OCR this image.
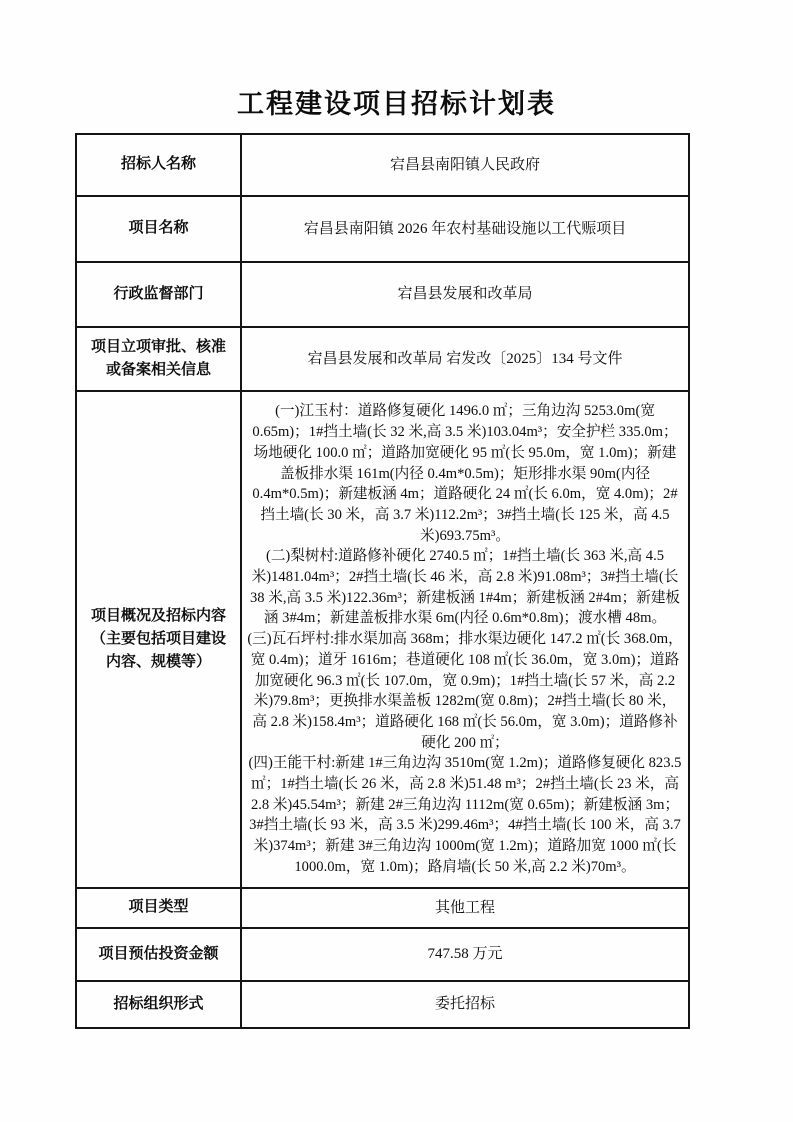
工程建设项目招标计划表
招标人名称	宕昌县南阳镇人民政府
项目名称	宕昌县南阳镇 2026 年农村基础设施以工代赈项目
行政监督部门	宕昌县发展和改革局
项目立项审批、核准或备案相关信息	宕昌县发展和改革局 宕发改〔2025〕134 号文件
项目概况及招标内容（主要包括项目建设内容、规模等）	(一)江玉村：道路修复硬化 1496.0 ㎡；三角边沟 5253.0m(宽 0.65m)；1#挡土墙(长 32 米,高 3.5 米)103.04m³；安全护栏 335.0m；场地硬化 100.0 ㎡；道路加宽硬化 95 ㎡(长 95.0m，宽 1.0m)；新建盖板排水渠 161m(内径 0.4m*0.5m)；矩形排水渠 90m(内径 0.4m*0.5m)；新建板涵 4m；道路硬化 24 ㎡(长 6.0m，宽 4.0m)；2#挡土墙(长 30 米，高 3.7 米)112.2m³；3#挡土墙(长 125 米，高 4.5 米)693.75m³。

(二)梨树村:道路修补硬化 2740.5 ㎡；1#挡土墙(长 363 米,高 4.5 米)1481.04m³；2#挡土墙(长 46 米，高 2.8 米)91.08m³；3#挡土墙(长 38 米,高 3.5 米)122.36m³；新建板涵 1#4m；新建板涵 2#4m；新建板涵 3#4m；新建盖板排水渠 6m(内径 0.6m*0.8m)；渡水槽 48m。

(三)瓦石坪村:排水渠加高 368m；排水渠边硬化 147.2 ㎡(长 368.0m，宽 0.4m)；道牙 1616m；巷道硬化 108 ㎡(长 36.0m，宽 3.0m)；道路加宽硬化 96.3 ㎡(长 107.0m，宽 0.9m)；1#挡土墙(长 57 米，高 2.2 米)79.8m³；更换排水渠盖板 1282m(宽 0.8m)；2#挡土墙(长 80 米，高 2.8 米)158.4m³；道路硬化 168 ㎡(长 56.0m，宽 3.0m)；道路修补硬化 200 ㎡；

(四)王能干村:新建 1#三角边沟 3510m(宽 1.2m)；道路修复硬化 823.5 ㎡；1#挡土墙(长 26 米，高 2.8 米)51.48 m³；2#挡土墙(长 23 米，高 2.8 米)45.54m³；新建 2#三角边沟 1112m(宽 0.65m)；新建板涵 3m；3#挡土墙(长 93 米，高 3.5 米)299.46m³；4#挡土墙(长 100 米，高 3.7 米)374m³；新建 3#三角边沟 1000m(宽 1.2m)；道路加宽 1000 ㎡(长 1000.0m，宽 1.0m)；路肩墙(长 50 米,高 2.2 米)70m³。

项目类型	其他工程
项目预估投资金额	747.58 万元
招标组织形式	委托招标
